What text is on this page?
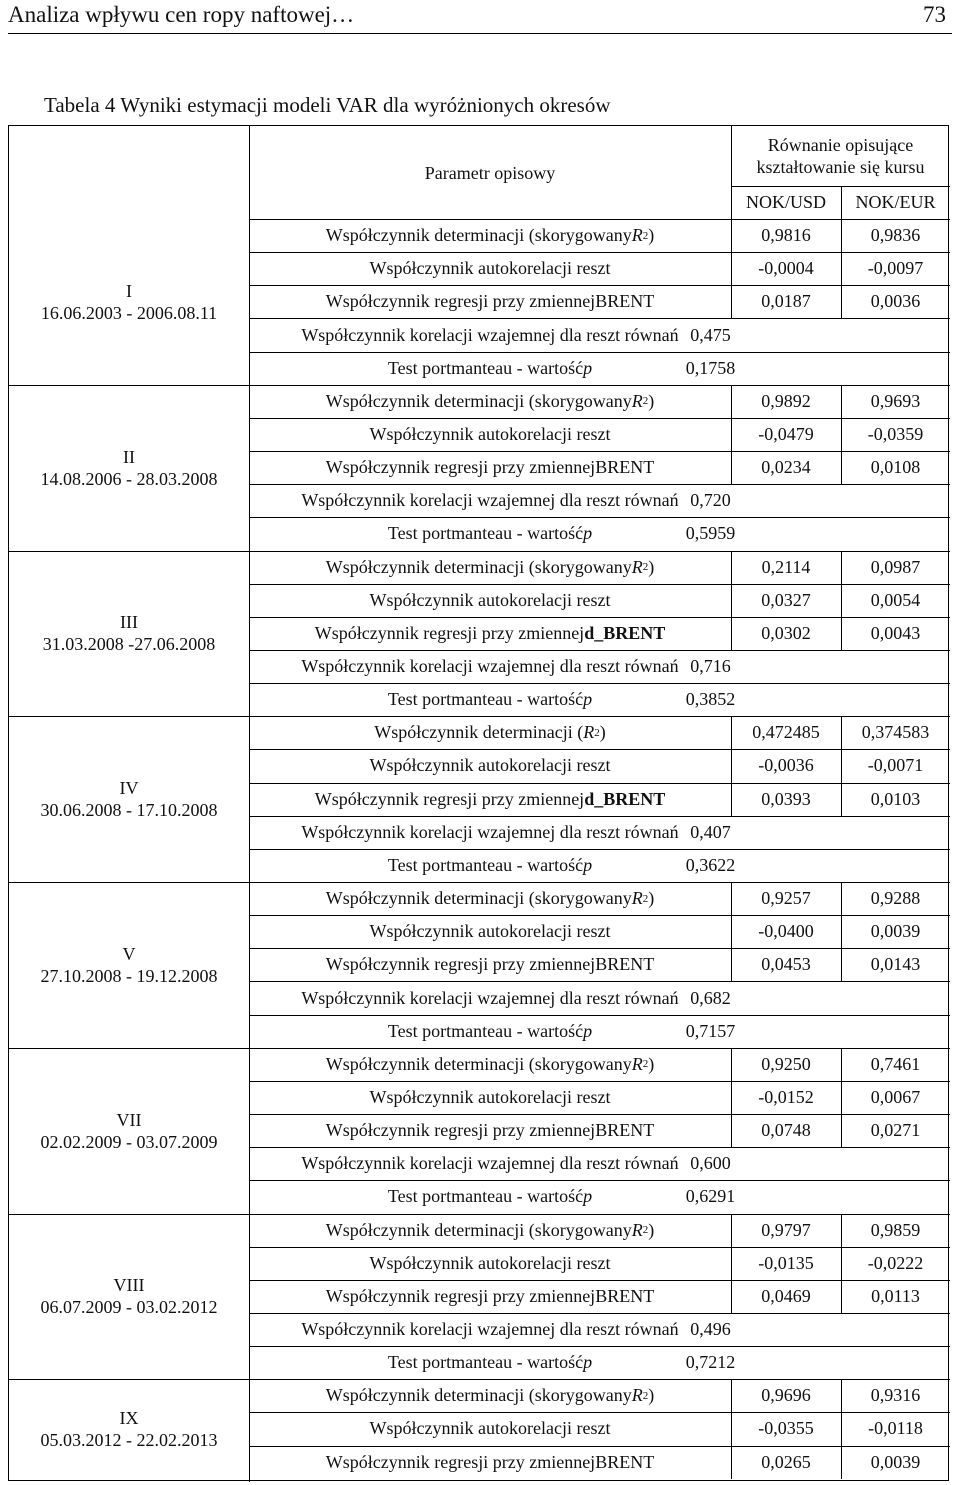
Analiza wpływu cen ropy naftowej…	73
Tabela 4 Wyniki estymacji modeli VAR dla wyróżnionych okresów
Parametr opisowy
Równanie opisujące
kształtowanie się kursu
NOK/USD	NOK/EUR
I
16.06.2003 - 2006.08.11
Współczynnik determinacji (skorygowany R 2 )	0,9816	0,9836
Współczynnik autokorelacji reszt	-0,0004	-0,0097
Współczynnik regresji przy zmiennej BRENT	0,0187	0,0036
Współczynnik korelacji wzajemnej dla reszt równań 0,475
Test portmanteau - wartość p	0,1758
II
14.08.2006 - 28.03.2008
Współczynnik determinacji (skorygowany R 2 )	0,9892	0,9693
Współczynnik autokorelacji reszt	-0,0479	-0,0359
Współczynnik regresji przy zmiennej BRENT	0,0234	0,0108
Współczynnik korelacji wzajemnej dla reszt równań 0,720
Test portmanteau - wartość p	0,5959
III
31.03.2008 -27.06.2008
Współczynnik determinacji (skorygowany R 2 )	0,2114	0,0987
Współczynnik autokorelacji reszt	0,0327	0,0054
Współczynnik regresji przy zmiennej d_BRENT	0,0302	0,0043
Współczynnik korelacji wzajemnej dla reszt równań 0,716
Test portmanteau - wartość p	0,3852
IV
30.06.2008 - 17.10.2008
Współczynnik determinacji ( R 2 )	0,472485	0,374583
Współczynnik autokorelacji reszt	-0,0036	-0,0071
Współczynnik regresji przy zmiennej d_BRENT	0,0393	0,0103
Współczynnik korelacji wzajemnej dla reszt równań 0,407
Test portmanteau - wartość p	0,3622
V
27.10.2008 - 19.12.2008
Współczynnik determinacji (skorygowany R 2 )	0,9257	0,9288
Współczynnik autokorelacji reszt	-0,0400	0,0039
Współczynnik regresji przy zmiennej BRENT	0,0453	0,0143
Współczynnik korelacji wzajemnej dla reszt równań 0,682
Test portmanteau - wartość p	0,7157
VII
02.02.2009 - 03.07.2009
Współczynnik determinacji (skorygowany R 2 )	0,9250	0,7461
Współczynnik autokorelacji reszt	-0,0152	0,0067
Współczynnik regresji przy zmiennej BRENT	0,0748	0,0271
Współczynnik korelacji wzajemnej dla reszt równań 0,600
Test portmanteau - wartość p	0,6291
VIII
06.07.2009 - 03.02.2012
Współczynnik determinacji (skorygowany R 2 )	0,9797	0,9859
Współczynnik autokorelacji reszt	-0,0135	-0,0222
Współczynnik regresji przy zmiennej BRENT	0,0469	0,0113
Współczynnik korelacji wzajemnej dla reszt równań 0,496
Test portmanteau - wartość p	0,7212
IX
05.03.2012 - 22.02.2013
Współczynnik determinacji (skorygowany R 2 )	0,9696	0,9316
Współczynnik autokorelacji reszt	-0,0355	-0,0118
Współczynnik regresji przy zmiennej BRENT	0,0265	0,0039
